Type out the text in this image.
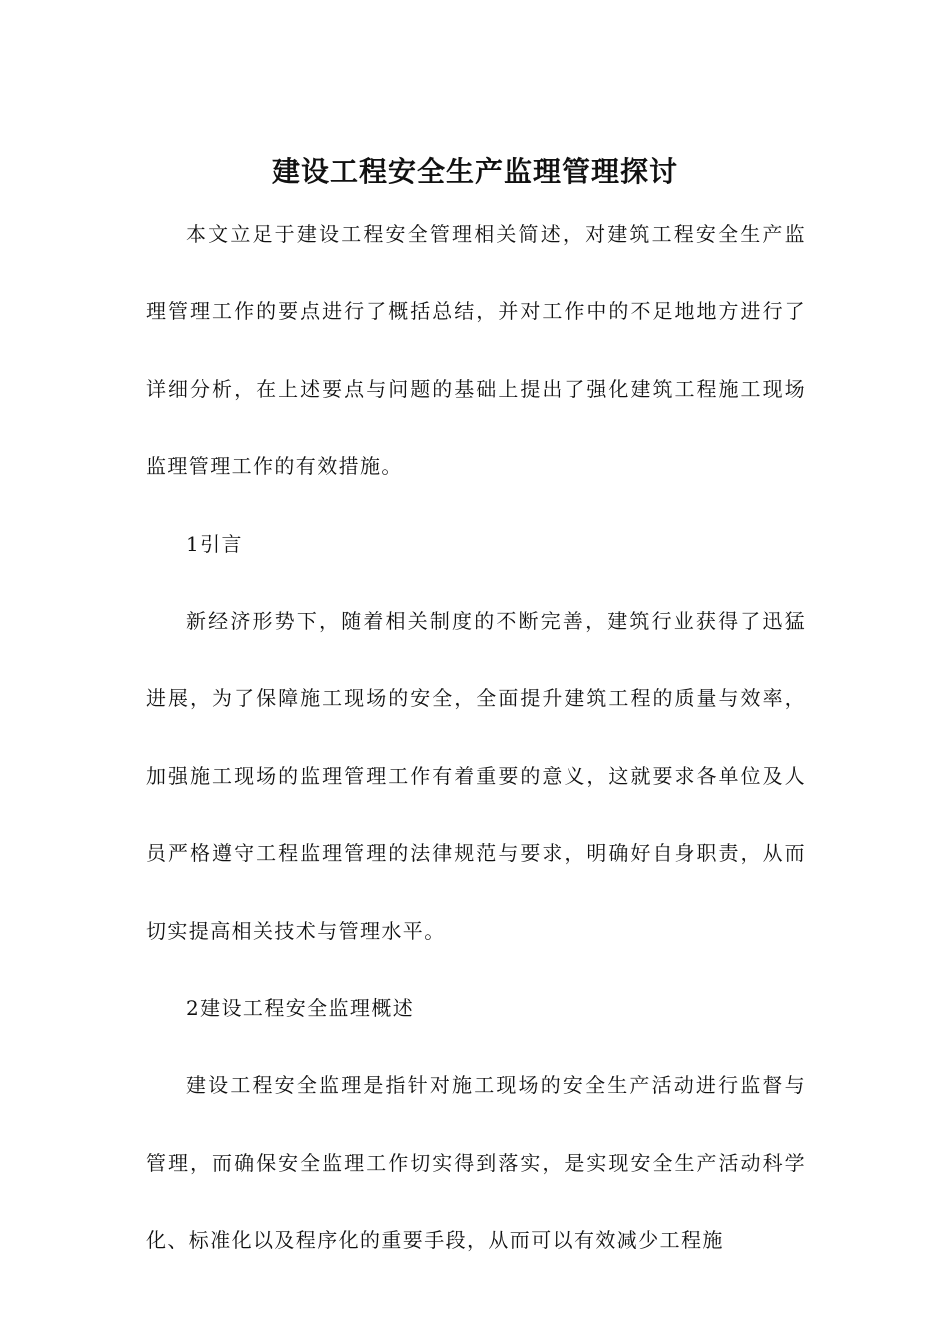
建设工程安全生产监理管理探讨

本文立足于建设工程安全管理相关简述，对建筑工程安全生产监理管理工作的要点进行了概括总结，并对工作中的不足地地方进行了详细分析，在上述要点与问题的基础上提出了强化建筑工程施工现场监理管理工作的有效措施。

1引言

新经济形势下，随着相关制度的不断完善，建筑行业获得了迅猛进展，为了保障施工现场的安全，全面提升建筑工程的质量与效率，加强施工现场的监理管理工作有着重要的意义，这就要求各单位及人员严格遵守工程监理管理的法律规范与要求，明确好自身职责，从而切实提高相关技术与管理水平。

2建设工程安全监理概述

建设工程安全监理是指针对施工现场的安全生产活动进行监督与管理，而确保安全监理工作切实得到落实，是实现安全生产活动科学化、标准化以及程序化的重要手段，从而可以有效减少工程施
